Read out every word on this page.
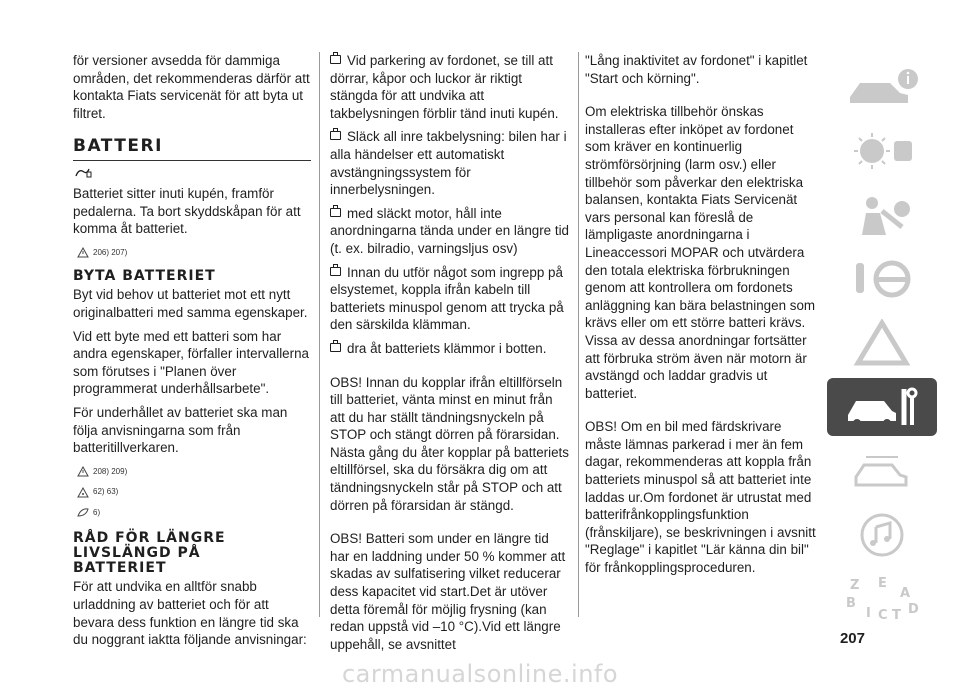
för versioner avsedda för dammiga områden, det rekommenderas därför att kontakta Fiats servicenät för att byta ut filtret.

BATTERI

Batteriet sitter inuti kupén, framför pedalerna. Ta bort skyddskåpan för att komma åt batteriet.

206) 207)
BYTA BATTERIET

Byt vid behov ut batteriet mot ett nytt originalbatteri med samma egenskaper.

Vid ett byte med ett batteri som har andra egenskaper, förfaller intervallerna som förutses i "Planen över programmerat underhållsarbete".

För underhållet av batteriet ska man följa anvisningarna som från batteritillverkaren.

208) 209)
62) 63)
6)
RÅD FÖR LÄNGRE
LIVSLÄNGD PÅ
BATTERIET

För att undvika en alltför snabb urladdning av batteriet och för att bevara dess funktion en längre tid ska du noggrant iaktta följande anvisningar:

Vid parkering av fordonet, se till att dörrar, kåpor och luckor är riktigt stängda för att undvika att takbelysningen förblir tänd inuti kupén.

Släck all inre takbelysning: bilen har i alla händelser ett automatiskt avstängningssystem för innerbelysningen.

med släckt motor, håll inte anordningarna tända under en längre tid (t. ex. bilradio, varningsljus osv)

Innan du utför något som ingrepp på elsystemet, koppla ifrån kabeln till batteriets minuspol genom att trycka på den särskilda klämman.

dra åt batteriets klämmor i botten.

OBS! Innan du kopplar ifrån eltillförseln till batteriet, vänta minst en minut från att du har ställt tändningsnyckeln på STOP och stängt dörren på förarsidan. Nästa gång du åter kopplar på batteriets eltillförsel, ska du försäkra dig om att tändningsnyckeln står på STOP och att dörren på förarsidan är stängd.

OBS! Batteri som under en längre tid har en laddning under 50 % kommer att skadas av sulfatisering vilket reducerar dess kapacitet vid start.Det är utöver detta föremål för möjlig frysning (kan redan uppstå vid –10 °C).Vid ett längre uppehåll, se avsnittet

"Lång inaktivitet av fordonet" i kapitlet "Start och körning".

Om elektriska tillbehör önskas installeras efter inköpet av fordonet som kräver en kontinuerlig strömförsörjning (larm osv.) eller tillbehör som påverkar den elektriska balansen, kontakta Fiats Servicenät vars personal kan föreslå de lämpligaste anordningarna i Lineaccessori MOPAR och utvärdera den totala elektriska förbrukningen genom att kontrollera om fordonets anläggning kan bära belastningen som krävs eller om ett större batteri krävs. Vissa av dessa anordningar fortsätter att förbruka ström även när motorn är avstängd och laddar gradvis ut batteriet.

OBS! Om en bil med färdskrivare måste lämnas parkerad i mer än fem dagar, rekommenderas att koppla från batteriets minuspol så att batteriet inte laddas ur.Om fordonet är utrustat med batterifrånkopplingsfunktion (frånskiljare), se beskrivningen i avsnitt "Reglage" i kapitlet "Lär känna din bil" för frånkopplingsproceduren.

Z E
A
B
I C T D
207
carmanualsonline.info
